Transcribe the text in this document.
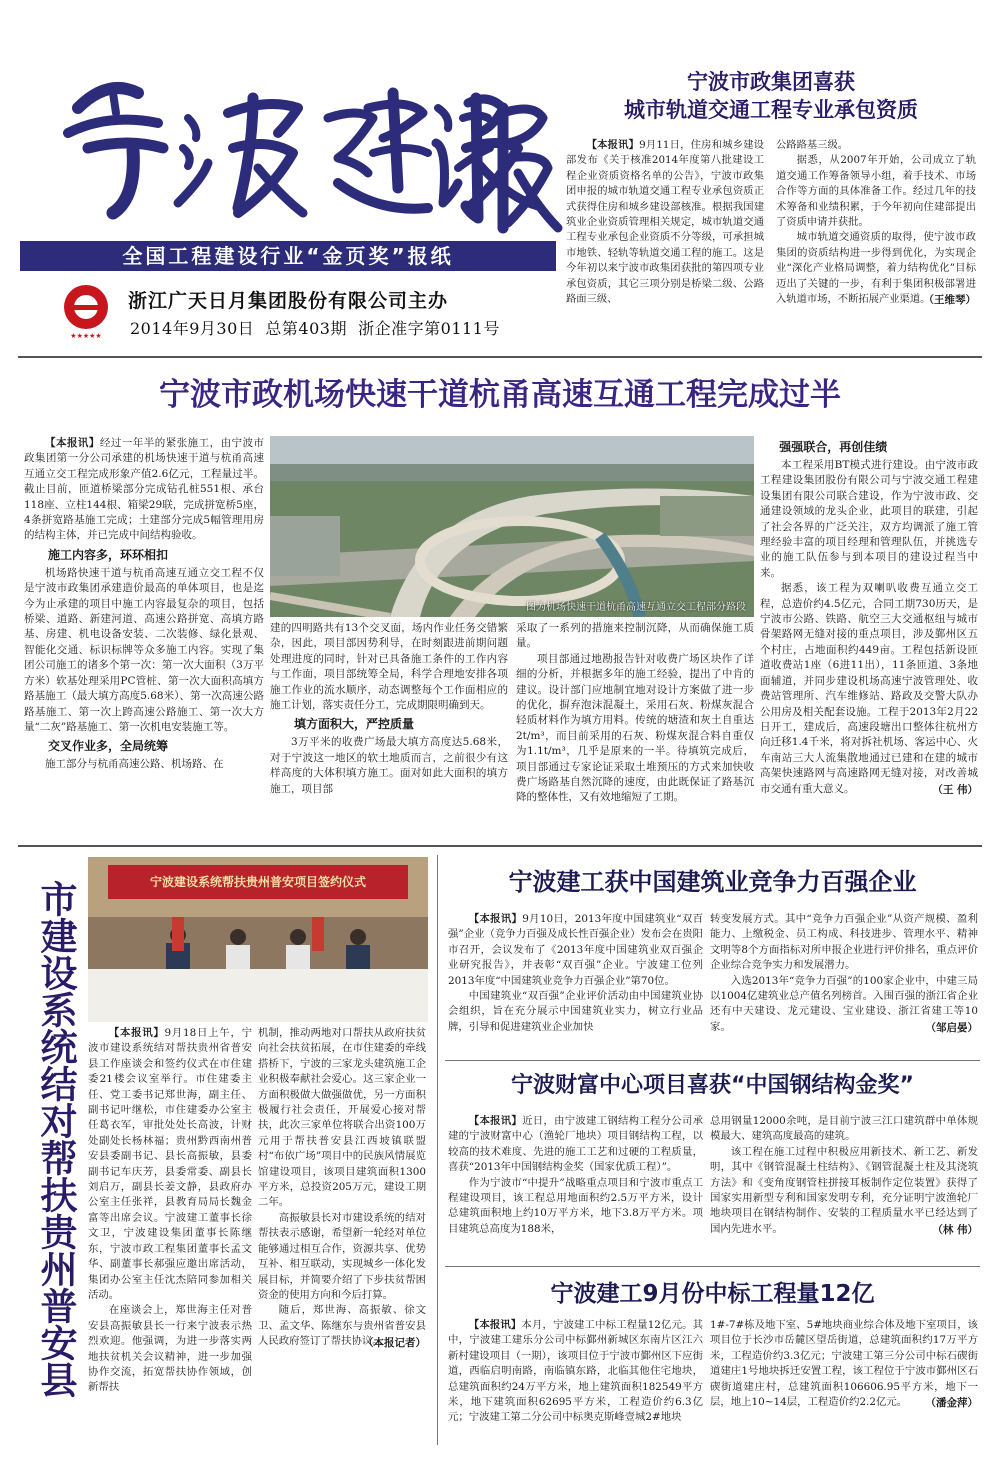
全国工程建设行业“金页奖”报纸
★★★★★
浙江广天日月集团股份有限公司主办
2014年9月30日  总第403期  浙企准字第0111号
宁波市政集团喜获
城市轨道交通工程专业承包资质

【本报讯】9月11日，住房和城乡建设部发布《关于核准2014年度第八批建设工程企业资质资格名单的公告》，宁波市政集团申报的城市轨道交通工程专业承包资质正式获得住房和城乡建设部核准。根据我国建筑业企业资质管理相关规定，城市轨道交通工程专业承包企业资质不分等级，可承担城市地铁、轻轨等轨道交通工程的施工。这是今年初以来宁波市政集团获批的第四项专业承包资质，其它三项分别是桥梁二级、公路路面三级、

公路路基三级。

据悉，从2007年开始，公司成立了轨道交通工作筹备领导小组，着手技术、市场合作等方面的具体准备工作。经过几年的技术筹备和业绩积累，于今年初向住建部提出了资质申请并获批。

城市轨道交通资质的取得，使宁波市政集团的资质结构进一步得到优化，为实现企业“深化产业格局调整，着力结构优化”目标迈出了关键的一步，有利于集团积极部署进入轨道市场，不断拓展产业渠道。

（王维琴）
宁波市政机场快速干道杭甬高速互通工程完成过半

【本报讯】经过一年半的紧张施工，由宁波市政集团第一分公司承建的机场快速干道与杭甬高速互通立交工程完成形象产值2.6亿元，工程量过半。截止目前，匝道桥梁部分完成钻孔桩551根、承台118座、立柱144根、箱梁29联，完成拼宽桥5座，4条拼宽路基施工完成；土建部分完成5幅管理用房的结构主体，并已完成中间结构验收。

施工内容多，环环相扣

机场路快速干道与杭甬高速互通立交工程不仅是宁波市政集团承建造价最高的单体项目，也是迄今为止承建的项目中施工内容最复杂的项目，包括桥梁、道路、新建河道、高速公路拼宽、高填方路基、房建、机电设备安装、二次装修、绿化景观、智能化交通、标识标牌等众多施工内容。实现了集团公司施工的诸多个第一次：第一次大面积（3万平方米）软基处理采用PC管桩、第一次大面积高填方路基施工（最大填方高度5.68米）、第一次高速公路路基施工、第一次上跨高速公路施工、第一次大方量“二灰”路基施工、第一次机电安装施工等。

交叉作业多，全局统筹

施工部分与杭甬高速公路、机场路、在

图为机场快速干道杭甬高速互通立交工程部分路段

建的四明路共有13个交叉面，场内作业任务交错繁杂，因此，项目部因势利导，在时刻跟进前期问题处理进度的同时，针对已具备施工条件的工作内容与工作面，项目部统筹全局，科学合理地安排各项施工作业的流水顺序，动态调整每个工作面相应的施工计划，落实责任分工，完成期限明确到天。

填方面积大，严控质量

3万平米的收费广场最大填方高度达5.68米，对于宁波这一地区的软土地质而言，之前很少有这样高度的大体积填方施工。面对如此大面积的填方施工，项目部

采取了一系列的措施来控制沉降，从而确保施工质量。

项目部通过地勘报告针对收费广场区块作了详细的分析，并根据多年的施工经验，提出了中肯的建议。设计部门应地制宜地对设计方案做了进一步的优化，摒弃泡沫混凝土，采用石灰、粉煤灰混合轻质材料作为填方用料。传统的塘渣和灰土自重达2t/m³，而目前采用的石灰、粉煤灰混合料自重仅为1.1t/m³，几乎是原来的一半。待填筑完成后，项目部通过专家论证采取土堆预压的方式来加快收费广场路基自然沉降的速度，由此既保证了路基沉降的整体性，又有效地缩短了工期。

强强联合，再创佳绩

本工程采用BT模式进行建设。由宁波市政工程建设集团股份有限公司与宁波交通工程建设集团有限公司联合建设，作为宁波市政、交通建设领域的龙头企业，此项目的联建，引起了社会各界的广泛关注，双方均调派了施工管理经验丰富的项目经理和管理队伍，并挑选专业的施工队伍参与到本项目的建设过程当中来。

据悉，该工程为双喇叭收费互通立交工程，总造价约4.5亿元，合同工期730历天，是宁波市公路、铁路、航空三大交通枢纽与城市骨架路网无缝对接的重点项目，涉及鄞州区五个村庄，占地面积约449亩。工程包括新设匝道收费站1座（6进11出），11条匝道、3条地面辅道，并同步建设机场高速宁波管理处、收费站管理所、汽车维修站、路政及交警大队办公用房及相关配套设施。工程于2013年2月22日开工，建成后，高速段塘出口整体往杭州方向迁移1.4千米，将对拆社机场、客运中心、火车南站三大人流集散地通过已建和在建的城市高架快速路网与高速路网无缝对接，对改善城市交通有重大意义。	（王 伟）
市建设系统结对帮扶贵州普安县	宁波建设系统帮扶贵州普安项目签约仪式

【本报讯】9月18日上午，宁波市建设系统结对帮扶贵州省普安县工作座谈会和签约仪式在市住建委21楼会议室举行。市住建委主任、党工委书记郑世海，副主任、副书记叶继松，市住建委办公室主任葛衣军，审批处处长高波，计财处副处长杨林福；贵州黔西南州普安县委副书记、县长高振敏，县委副书记车庆芳，县委常委、副县长刘启万，副县长姜文静，县政府办公室主任张祥，县教育局局长魏金富等出席会议。宁波建工董事长徐文卫，宁波建设集团董事长陈继东，宁波市政工程集团董事长孟文华、副董事长郝强应邀出席活动，集团办公室主任沈杰陪同参加相关活动。

在座谈会上，郑世海主任对普安县高振敏县长一行来宁波表示热烈欢迎。他强调，为进一步落实两地扶贫机关会议精神，进一步加强协作交流，拓宽帮扶协作领域，创新帮扶

机制，推动两地对口帮扶从政府扶贫向社会扶贫拓展，在市住建委的牵线搭桥下，宁波的三家龙头建筑施工企业积极奉献社会爱心。这三家企业一方面积极做大做强做优，另一方面积极履行社会责任，开展爱心接对帮扶，此次三家单位将联合出资100万元用于帮扶普安县江西坡镇联盟村“布依广场”项目中的民族风情展览馆建设项目，该项目建筑面积1300平方米，总投资205万元，建设工期二年。

高振敏县长对市建设系统的结对帮扶表示感谢，希望新一轮经对单位能够通过相互合作，资源共享、优势互补、相互联动，实现城乡一体化发展目标，并简要介绍了下步扶贫帮困资金的使用方向和今后打算。

随后，郑世海、高振敏、徐文卫、孟文华、陈继东与贵州省普安县人民政府签订了帮扶协议。

（本报记者）
宁波建工获中国建筑业竞争力百强企业

【本报讯】9月10日，2013年度中国建筑业“双百强”企业（竞争力百强及成长性百强企业）发布会在贵阳市召开，会议发布了《2013年度中国建筑业双百强企业研究报告》，并表彰“双百强”企业。宁波建工位列2013年度“中国建筑业竞争力百强企业”第70位。

中国建筑业“双百强”企业评价活动由中国建筑业协会组织，旨在充分展示中国建筑业实力，树立行业品牌，引导和促进建筑业企业加快

转变发展方式。其中“竞争力百强企业”从资产规模、盈利能力、上缴税金、员工构成、科技进步、管理水平、精神文明等8个方面指标对所申报企业进行评价排名，重点评价企业综合竞争实力和发展潜力。

入选2013年“竞争力百强”的100家企业中，中建三局以1004亿建筑业总产值名列榜首。入围百强的浙江省企业还有中天建设、龙元建设、宝业建设、浙江省建工等10家。	（邹启晏）
宁波财富中心项目喜获“中国钢结构金奖”

【本报讯】近日，由宁波建工钢结构工程分公司承建的宁波财富中心（渔轮厂地块）项目钢结构工程，以较高的技术难度、先进的施工工艺和过硬的工程质量，喜获“2013年中国钢结构金奖（国家优质工程）”。

作为宁波市“中提升”战略重点项目和宁波市重点工程建设项目，该工程总用地面积约2.5万平方米，设计总建筑面积地上约10万平方米，地下3.8万平方米。项目建筑总高度为188米，

总用钢量12000余吨，是目前宁波三江口建筑群中单体规模最大、建筑高度最高的建筑。

该工程在施工过程中积极应用新技术、新工艺、新发明，其中《钢管混凝土柱结构》、《钢管混凝土柱及其浇筑方法》和《变角度钢管柱拼接耳板制作定位装置》获得了国家实用新型专利和国家发明专利，充分证明宁波渔轮厂地块项目在钢结构制作、安装的工程质量水平已经达到了国内先进水平。	（林 伟）
宁波建工9月份中标工程量12亿

【本报讯】本月，宁波建工中标工程量12亿元。其中，宁波建工建乐分公司中标鄞州新城区东南片区江六新村建设项目（一期），该项目位于宁波市鄞州区下应街道，西临启明南路，南临镇东路，北临其他住宅地块，总建筑面积约24万平方米，地上建筑面积182549平方米，地下建筑面积62695平方米，工程造价约6.3亿元；宁波建工第二分公司中标奥克斯峰壹城2#地块

1#-7#栋及地下室、5#地块商业综合体及地下室项目，该项目位于长沙市岳麓区望岳街道，总建筑面积约17万平方米，工程造价约3.3亿元；宁波建工第三分公司中标石碶街道建庄1号地块拆迁安置工程，该工程位于宁波市鄞州区石碶街道建庄村，总建筑面积106606.95平方米，地下一层，地上10~14层，工程造价约2.2亿元。	（潘金萍）
